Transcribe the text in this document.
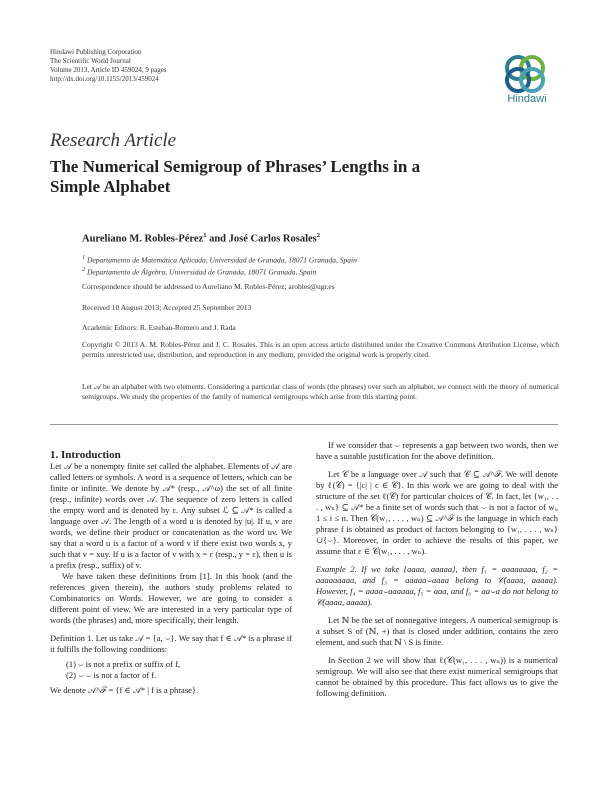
Hindawi Publishing Corporation
The Scientific World Journal
Volume 2013, Article ID 459024, 9 pages
http://dx.doi.org/10.1155/2013/459024
Hindawi
Research Article
The Numerical Semigroup of Phrases’ Lengths in a Simple Alphabet
Aureliano M. Robles-Pérez$^1$ and José Carlos Rosales$^2$
$^1$ Departamento de Matemática Aplicada, Universidad de Granada, 18071 Granada, Spain
$^2$ Departamento de Álgebra, Universidad de Granada, 18071 Granada, Spain
Correspondence should be addressed to Aureliano M. Robles-Pérez; arobles@ugr.es
Received 10 August 2013; Accepted 25 September 2013
Academic Editors: R. Esteban-Romero and J. Rada
Copyright © 2013 A. M. Robles-Pérez and J. C. Rosales. This is an open access article distributed under the Creative Commons Attribution License, which permits unrestricted use, distribution, and reproduction in any medium, provided the original work is properly cited.
Let 𝒜 be an alphabet with two elements. Considering a particular class of words (the phrases) over such an alphabet, we connect with the theory of numerical semigroups. We study the properties of the family of numerical semigroups which arise from this starting point.

1. Introduction

Let 𝒜 be a nonempty finite set called the alphabet. Elements of 𝒜 are called letters or symbols. A word is a sequence of letters, which can be finite or infinite. We denote by 𝒜* (resp., 𝒜^ω) the set of all finite (resp., infinite) words over 𝒜. The sequence of zero letters is called the empty word and is denoted by ε. Any subset ℒ ⊆ 𝒜* is called a language over 𝒜. The length of a word u is denoted by |u|. If u, v are words, we define their product or concatenation as the word uv. We say that a word u is a factor of a word v if there exist two words x, y such that v = xuy. If u is a factor of v with x = ε (resp., y = ε), then u is a prefix (resp., suffix) of v.

We have taken these definitions from [1]. In this book (and the references given therein), the authors study problems related to Combinatorics on Words. However, we are going to consider a different point of view. We are interested in a very particular type of words (the phrases) and, more specifically, their length.

Definition 1. Let us take 𝒜 = {a, ⌣}. We say that f ∈ 𝒜* is a phrase if it fulfills the following conditions:

(1) ⌣ is not a prefix or suffix of f,
(2) ⌣ ⌣ is not a factor of f.

We denote 𝒜^ℱ = {f ∈ 𝒜* | f is a phrase}.

If we consider that ⌣ represents a gap between two words, then we have a suitable justification for the above definition.

Let 𝒞 be a language over 𝒜 such that 𝒞 ⊆ 𝒜^ℱ. We will denote by ℓ(𝒞) = {|c| | c ∈ 𝒞}. In this work we are going to deal with the structure of the set ℓ(𝒞) for particular choices of 𝒞. In fact, let {w₁, . . . , wₙ} ⊆ 𝒜* be a finite set of words such that ⌣ is not a factor of wᵢ, 1 ≤ i ≤ n. Then 𝒞(w₁, . . . , wₙ) ⊆ 𝒜^ℱ is the language in which each phrase f is obtained as product of factors belonging to {w₁, . . . , wₙ}∪{⌣}. Moreover, in order to achieve the results of this paper, we assume that ε ∈ 𝒞(w₁, . . . , wₙ).

Example 2. If we take {aaaa, aaaaa}, then f₁ = aaaaaaaa, f₂ = aaaaaaaaa, and f₃ = aaaaa⌣aaaa belong to 𝒞(aaaa, aaaaa). However, f₄ = aaaa⌣aaaaaa, f₅ = aaa, and f₆ = aa⌣a do not belong to 𝒞(aaaa, aaaaa).

Let ℕ be the set of nonnegative integers. A numerical semigroup is a subset S of (ℕ, +) that is closed under addition, contains the zero element, and such that ℕ \ S is finite.

In Section 2 we will show that ℓ(𝒞(w₁, . . . , wₙ)) is a numerical semigroup. We will also see that there exist numerical semigroups that cannot be obtained by this procedure. This fact allows us to give the following definition.
